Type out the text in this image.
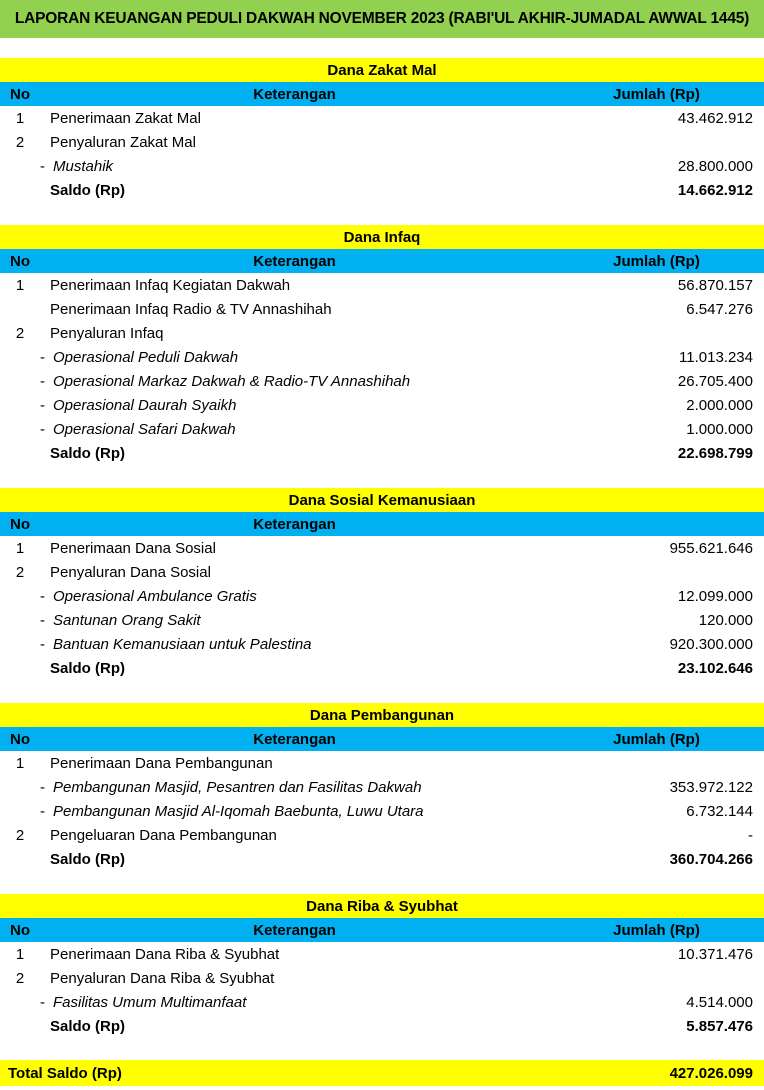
LAPORAN KEUANGAN PEDULI DAKWAH NOVEMBER 2023 (RABI'UL AKHIR-JUMADAL AWWAL 1445)
Dana Zakat Mal
No	Keterangan	Jumlah (Rp)
1	Penerimaan Zakat Mal	43.462.912
2	Penyaluran Zakat Mal
- Mustahik	28.800.000
Saldo (Rp)	14.662.912
Dana Infaq
No	Keterangan	Jumlah (Rp)
1	Penerimaan Infaq Kegiatan Dakwah	56.870.157
Penerimaan Infaq Radio & TV Annashihah	6.547.276
2	Penyaluran Infaq
- Operasional Peduli Dakwah	11.013.234
- Operasional Markaz Dakwah & Radio-TV Annashihah	26.705.400
- Operasional Daurah Syaikh	2.000.000
- Operasional Safari Dakwah	1.000.000
Saldo (Rp)	22.698.799
Dana Sosial Kemanusiaan
No	Keterangan
1	Penerimaan Dana Sosial	955.621.646
2	Penyaluran Dana Sosial
- Operasional Ambulance Gratis	12.099.000
- Santunan Orang Sakit	120.000
- Bantuan Kemanusiaan untuk Palestina	920.300.000
Saldo (Rp)	23.102.646
Dana Pembangunan
No	Keterangan	Jumlah (Rp)
1	Penerimaan Dana Pembangunan
- Pembangunan Masjid, Pesantren dan Fasilitas Dakwah	353.972.122
- Pembangunan Masjid Al-Iqomah Baebunta, Luwu Utara	6.732.144
2	Pengeluaran Dana Pembangunan	-
Saldo (Rp)	360.704.266
Dana Riba & Syubhat
No	Keterangan	Jumlah (Rp)
1	Penerimaan Dana Riba & Syubhat	10.371.476
2	Penyaluran Dana Riba & Syubhat
- Fasilitas Umum Multimanfaat	4.514.000
Saldo (Rp)	5.857.476
Total Saldo (Rp)	427.026.099
